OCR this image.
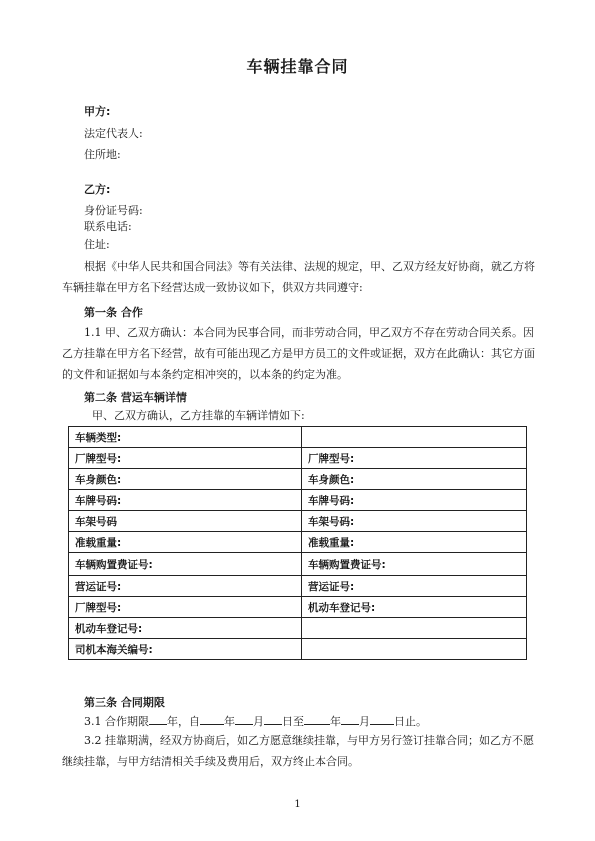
车辆挂靠合同
甲方:
法定代表人:
住所地:
乙方:
身份证号码:
联系电话:
住址:

根据《中华人民共和国合同法》等有关法律、法规的规定，甲、乙双方经友好协商，就乙方将车辆挂靠在甲方名下经营达成一致协议如下，供双方共同遵守:

第一条 合作

1.1 甲、乙双方确认：本合同为民事合同，而非劳动合同，甲乙双方不存在劳动合同关系。因乙方挂靠在甲方名下经营，故有可能出现乙方是甲方员工的文件或证据，双方在此确认：其它方面的文件和证据如与本条约定相冲突的，以本条的约定为准。

第二条 营运车辆详情
甲、乙双方确认，乙方挂靠的车辆详情如下:
车辆类型:	
厂牌型号:	厂牌型号:
车身颜色:	车身颜色:
车牌号码:	车牌号码:
车架号码	车架号码:
准载重量:	准载重量:
车辆购置费证号:	车辆购置费证号:
营运证号:	营运证号:
厂牌型号:	机动车登记号:
机动车登记号:	
司机本海关编号:	
第三条 合同期限
3.1 合作期限 年，自 年 月 日至 年 月 日止。

3.2 挂靠期满，经双方协商后，如乙方愿意继续挂靠，与甲方另行签订挂靠合同；如乙方不愿继续挂靠，与甲方结清相关手续及费用后，双方终止本合同。

1
